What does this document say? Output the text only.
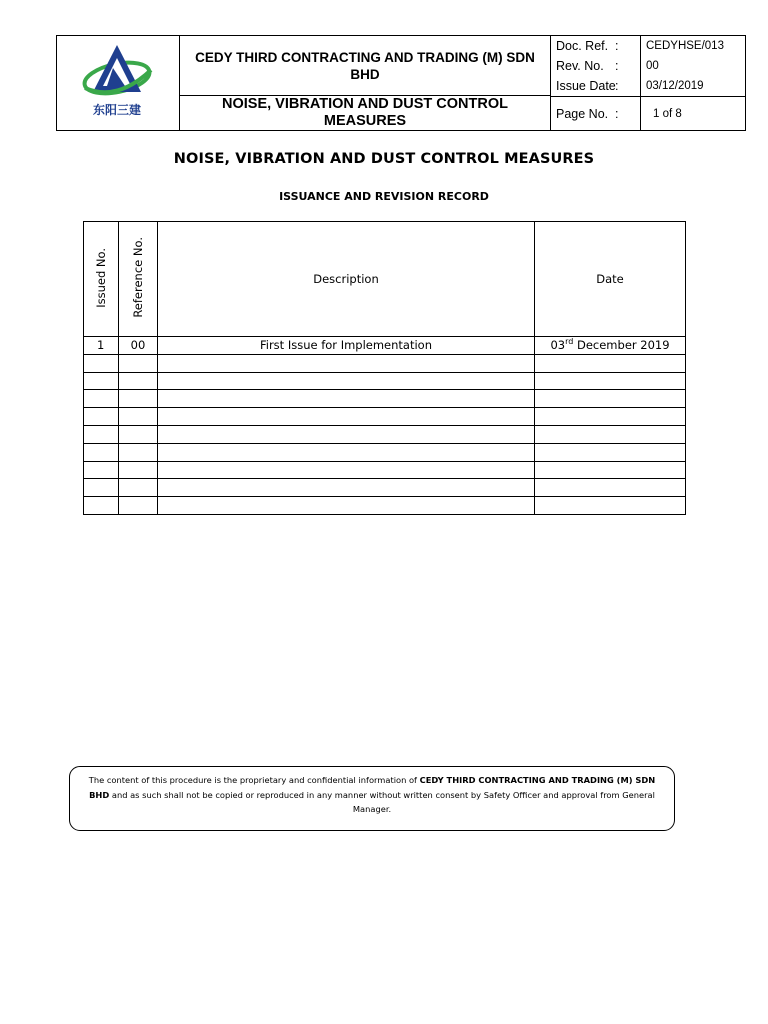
东阳三建
CEDY THIRD CONTRACTING AND TRADING (M) SDN BHD
NOISE, VIBRATION AND DUST CONTROL MEASURES
Doc. Ref. :	CEDYHSE/013
Rev. No. :	00
Issue Date :	03/12/2019
Page No. :	1 of 8
NOISE, VIBRATION AND DUST CONTROL MEASURES
ISSUANCE AND REVISION RECORD
Issued No.	Reference No.	Description	Date
1	00	First Issue for Implementation	03rd December 2019

The content of this procedure is the proprietary and confidential information of CEDY THIRD CONTRACTING AND TRADING (M) SDN BHD and as such shall not be copied or reproduced in any manner without written consent by Safety Officer and approval from General Manager.
